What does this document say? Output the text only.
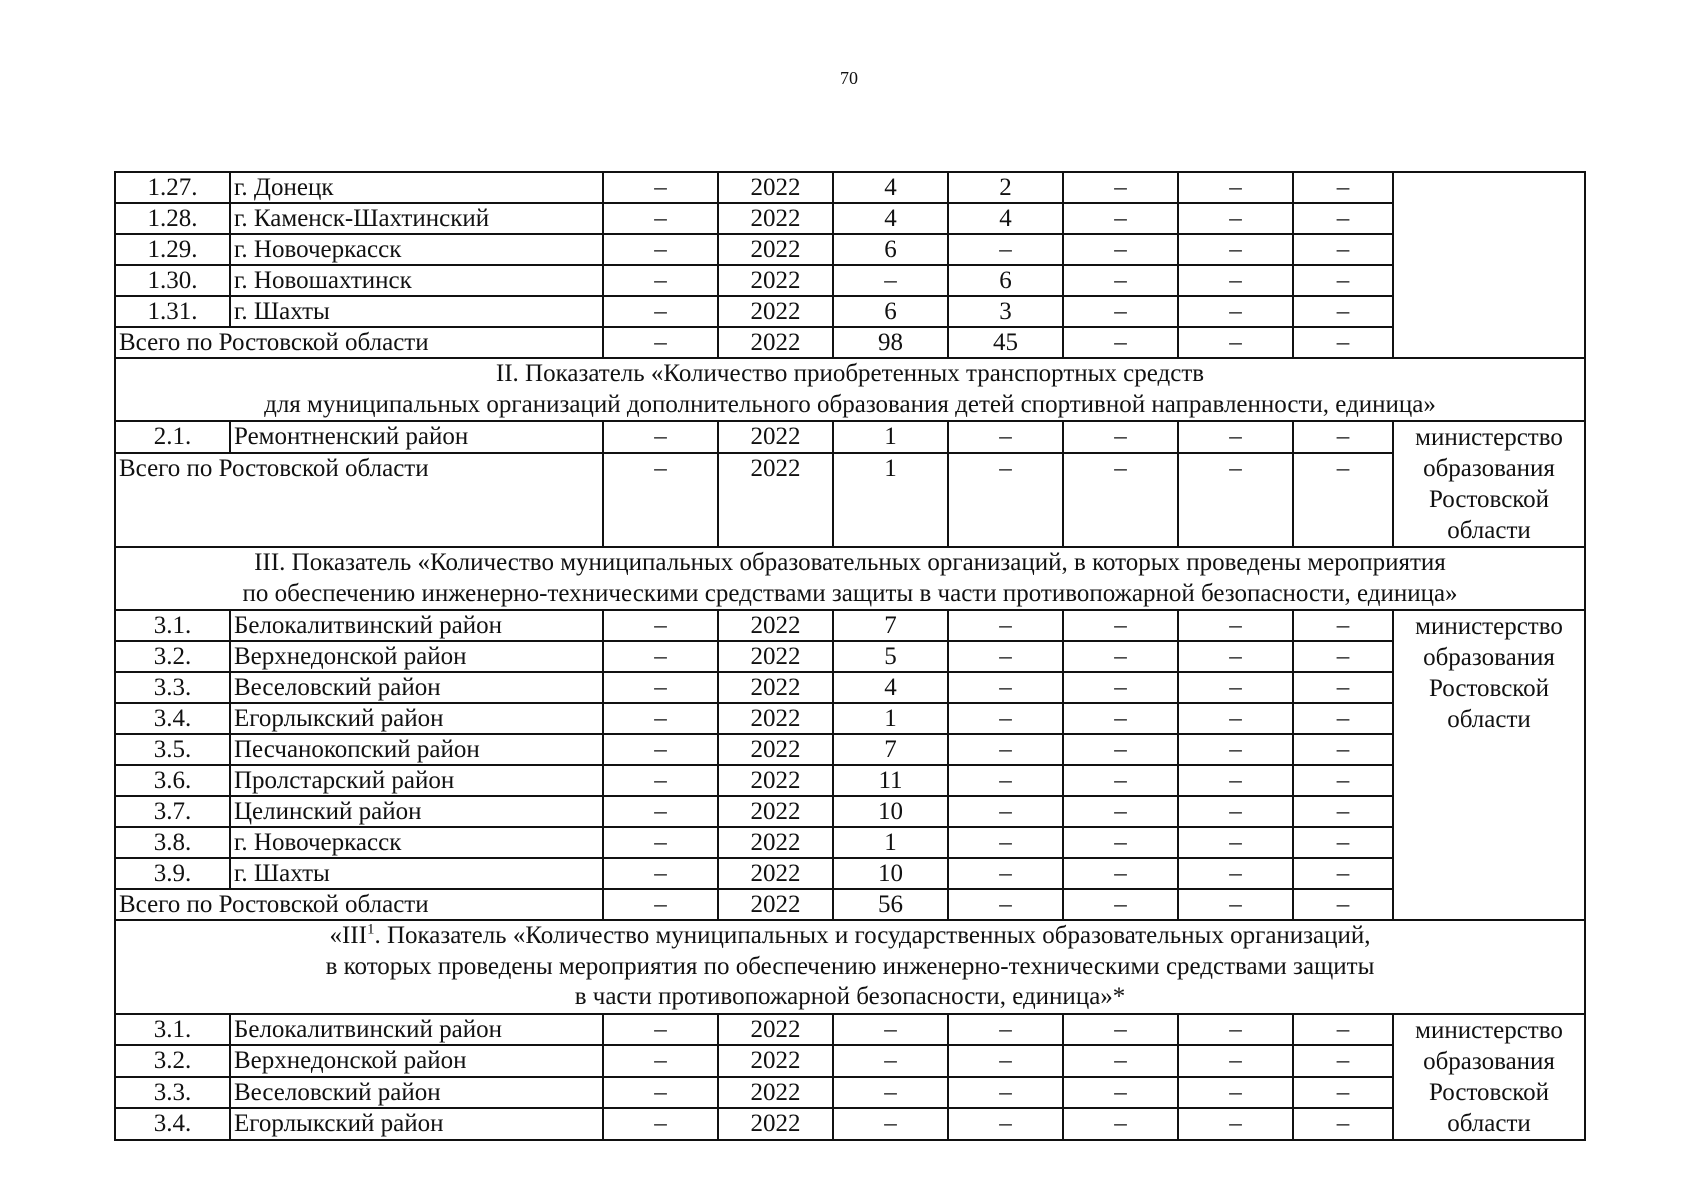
70
1.27.	г. Донецк	–	2022	4	2	–	–	–	
1.28.	г. Каменск-Шахтинский	–	2022	4	4	–	–	–	
1.29.	г. Новочеркасск	–	2022	6	–	–	–	–	
1.30.	г. Новошахтинск	–	2022	–	6	–	–	–	
1.31.	г. Шахты	–	2022	6	3	–	–	–	
Всего по Ростовской области		–	2022	98	45	–	–	–	

II. Показатель «Количество приобретенных транспортных средств
для муниципальных организаций дополнительного образования детей спортивной направленности, единица»									

2.1.	Ремонтненский район	–	2022	1	–	–	–	–	министерство
образования
Ростовской
области

Всего по Ростовской области		–	2022	1	–	–	–	–	

III. Показатель «Количество муниципальных образовательных организаций, в которых проведены мероприятия
по обеспечению инженерно-техническими средствами защиты в части противопожарной безопасности, единица»									

3.1.	Белокалитвинский район	–	2022	7	–	–	–	–	министерство
образования
Ростовской
области

3.2.	Верхнедонской район	–	2022	5	–	–	–	–	
3.3.	Веселовский район	–	2022	4	–	–	–	–	
3.4.	Егорлыкский район	–	2022	1	–	–	–	–	
3.5.	Песчанокопский район	–	2022	7	–	–	–	–	
3.6.	Пролстарский район	–	2022	11	–	–	–	–	
3.7.	Целинский район	–	2022	10	–	–	–	–	
3.8.	г. Новочеркасск	–	2022	1	–	–	–	–	
3.9.	г. Шахты	–	2022	10	–	–	–	–	
Всего по Ростовской области		–	2022	56	–	–	–	–	

«III$^1$. Показатель «Количество муниципальных и государственных образовательных организаций,
в которых проведены мероприятия по обеспечению инженерно-техническими средствами защиты
в части противопожарной безопасности, единица»*									

3.1.	Белокалитвинский район	–	2022	–	–	–	–	–	министерство
образования
Ростовской
области

3.2.	Верхнедонской район	–	2022	–	–	–	–	–	
3.3.	Веселовский район	–	2022	–	–	–	–	–	
3.4.	Егорлыкский район	–	2022	–	–	–	–	–	
